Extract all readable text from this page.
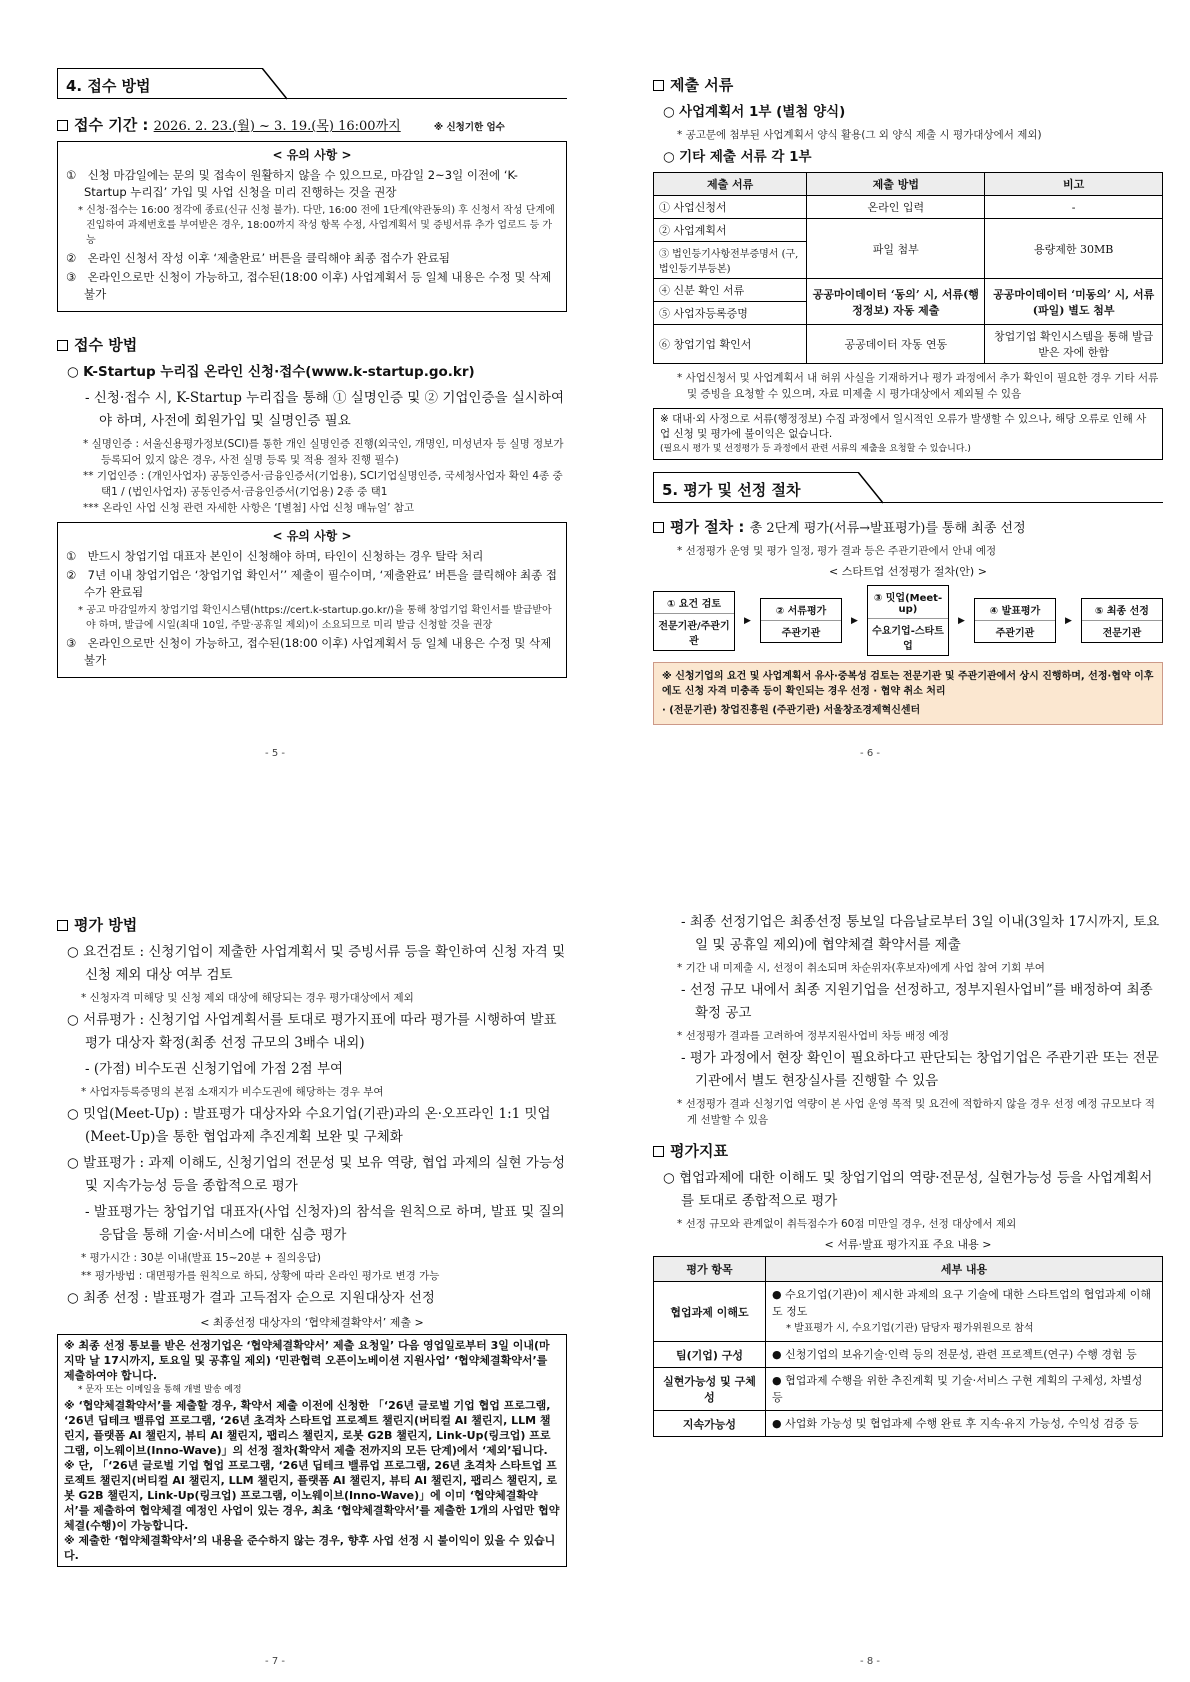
4. 접수 방법
접수 기간 : 2026. 2. 23.(월) ~ 3. 19.(목) 16:00까지	※ 신청기한 엄수
< 유의 사항 >
① 신청 마감일에는 문의 및 접속이 원활하지 않을 수 있으므로, 마감일 2~3일 이전에 ‘K-Startup 누리집’ 가입 및 사업 신청을 미리 진행하는 것을 권장
* 신청·접수는 16:00 정각에 종료(신규 신청 불가). 다만, 16:00 전에 1단계(약관동의) 후 신청서 작성 단계에 진입하여 과제번호를 부여받은 경우, 18:00까지 작성 항목 수정, 사업계획서 및 증빙서류 추가 업로드 등 가능
② 온라인 신청서 작성 이후 ‘제출완료’ 버튼을 클릭해야 최종 접수가 완료됨
③ 온라인으로만 신청이 가능하고, 접수된(18:00 이후) 사업계획서 등 일체 내용은 수정 및 삭제 불가
접수 방법
○ K-Startup 누리집 온라인 신청·접수(www.k-startup.go.kr)
- 신청·접수 시, K-Startup 누리집을 통해 ① 실명인증 및 ② 기업인증을 실시하여야 하며, 사전에 회원가입 및 실명인증 필요
* 실명인증 : 서울신용평가정보(SCI)를 통한 개인 실명인증 진행(외국인, 개명인, 미성년자 등 실명 정보가 등록되어 있지 않은 경우, 사전 실명 등록 및 적용 절차 진행 필수)
** 기업인증 : (개인사업자) 공동인증서·금융인증서(기업용), SCI기업실명인증, 국세청사업자 확인 4종 중 택1 / (법인사업자) 공동인증서·금융인증서(기업용) 2종 중 택1
*** 온라인 사업 신청 관련 자세한 사항은 ‘[별첨] 사업 신청 매뉴얼’ 참고
< 유의 사항 >
① 반드시 창업기업 대표자 본인이 신청해야 하며, 타인이 신청하는 경우 탈락 처리
② 7년 이내 창업기업은 ‘창업기업 확인서’’ 제출이 필수이며, ‘제출완료’ 버튼을 클릭해야 최종 접수가 완료됨
* 공고 마감일까지 창업기업 확인시스템(https://cert.k-startup.go.kr/)을 통해 창업기업 확인서를 발급받아야 하며, 발급에 시일(최대 10일, 주말·공휴일 제외)이 소요되므로 미리 발급 신청할 것을 권장
③ 온라인으로만 신청이 가능하고, 접수된(18:00 이후) 사업계획서 등 일체 내용은 수정 및 삭제 불가
- 5 -
제출 서류
○ 사업계획서 1부 (별첨 양식)
* 공고문에 첨부된 사업계획서 양식 활용(그 외 양식 제출 시 평가대상에서 제외)
○ 기타 제출 서류 각 1부
제출 서류	제출 방법	비고
① 사업신청서	온라인 입력	-
② 사업계획서	파일 첨부	용량제한 30MB
③ 법인등기사항전부증명서 (구, 법인등기부등본)		
④ 신분 확인 서류	공공마이데이터 ‘동의’ 시, 서류(행정정보) 자동 제출	공공마이데이터 ‘미동의’ 시, 서류(파일) 별도 첨부
⑤ 사업자등록증명		
⑥ 창업기업 확인서	공공데이터 자동 연동	창업기업 확인시스템을 통해 발급받은 자에 한함
* 사업신청서 및 사업계획서 내 허위 사실을 기재하거나 평가 과정에서 추가 확인이 필요한 경우 기타 서류 및 증빙을 요청할 수 있으며, 자료 미제출 시 평가대상에서 제외될 수 있음
※ 대내·외 사정으로 서류(행정정보) 수집 과정에서 일시적인 오류가 발생할 수 있으나, 해당 오류로 인해 사업 신청 및 평가에 불이익은 없습니다.
(필요시 평가 및 선정평가 등 과정에서 관련 서류의 제출을 요청할 수 있습니다.)
5. 평가 및 선정 절차
평가 절차 : 총 2단계 평가(서류→발표평가)를 통해 최종 선정
* 선정평가 운영 및 평가 일정, 평가 결과 등은 주관기관에서 안내 예정
< 스타트업 선정평가 절차(안) >
① 요건 검토
전문기관/주관기관
▶
② 서류평가
주관기관
▶
③ 밋업(Meet-up)
수요기업-스타트업
▶
④ 발표평가
주관기관
▶
⑤ 최종 선정
전문기관
※ 신청기업의 요건 및 사업계획서 유사·중복성 검토는 전문기관 및 주관기관에서 상시 진행하며, 선정·협약 이후에도 신청 자격 미충족 등이 확인되는 경우 선정 · 협약 취소 처리
· (전문기관) 창업진흥원 (주관기관) 서울창조경제혁신센터
- 6 -
평가 방법
○ 요건검토 : 신청기업이 제출한 사업계획서 및 증빙서류 등을 확인하여 신청 자격 및 신청 제외 대상 여부 검토
* 신청자격 미해당 및 신청 제외 대상에 해당되는 경우 평가대상에서 제외
○ 서류평가 : 신청기업 사업계획서를 토대로 평가지표에 따라 평가를 시행하여 발표평가 대상자 확정(최종 선정 규모의 3배수 내외)
- (가점) 비수도권 신청기업에 가점 2점 부여
* 사업자등록증명의 본점 소재지가 비수도권에 해당하는 경우 부여
○ 밋업(Meet-Up) : 발표평가 대상자와 수요기업(기관)과의 온·오프라인 1:1 밋업(Meet-Up)을 통한 협업과제 추진계획 보완 및 구체화
○ 발표평가 : 과제 이해도, 신청기업의 전문성 및 보유 역량, 협업 과제의 실현 가능성 및 지속가능성 등을 종합적으로 평가
- 발표평가는 창업기업 대표자(사업 신청자)의 참석을 원칙으로 하며, 발표 및 질의응답을 통해 기술·서비스에 대한 심층 평가
* 평가시간 : 30분 이내(발표 15~20분 + 질의응답)
** 평가방법 : 대면평가를 원칙으로 하되, 상황에 따라 온라인 평가로 변경 가능
○ 최종 선정 : 발표평가 결과 고득점자 순으로 지원대상자 선정
< 최종선정 대상자의 ‘협약체결확약서’ 제출 >
※ 최종 선정 통보를 받은 선정기업은 ‘협약체결확약서’ 제출 요청일’ 다음 영업일로부터 3일 이내(마지막 날 17시까지, 토요일 및 공휴일 제외) ‘민관협력 오픈이노베이션 지원사업’ ‘협약체결확약서’를 제출하여야 합니다.
* 문자 또는 이메일을 통해 개별 발송 예정
※ ‘협약체결확약서’를 제출할 경우, 확약서 제출 이전에 신청한 「‘26년 글로벌 기업 협업 프로그램, ‘26년 딥테크 밸류업 프로그램, ‘26년 초격차 스타트업 프로젝트 챌린지(버티컬 AI 챌린지, LLM 챌린지, 플랫폼 AI 챌린지, 뷰티 AI 챌린지, 팹리스 챌린지, 로봇 G2B 챌린지, Link-Up(링크업) 프로그램, 이노웨이브(Inno-Wave)」의 선정 절차(확약서 제출 전까지의 모든 단계)에서 ‘제외’됩니다.
※ 단, 「‘26년 글로벌 기업 협업 프로그램, ‘26년 딥테크 밸류업 프로그램, 26년 초격차 스타트업 프로젝트 챌린지(버티컬 AI 챌린지, LLM 챌린지, 플랫폼 AI 챌린지, 뷰티 AI 챌린지, 팹리스 챌린지, 로봇 G2B 챌린지, Link-Up(링크업) 프로그램, 이노웨이브(Inno-Wave)」에 이미 ‘협약체결확약서’를 제출하여 협약체결 예정인 사업이 있는 경우, 최초 ‘협약체결확약서’를 제출한 1개의 사업만 협약체결(수행)이 가능합니다.
※ 제출한 ‘협약체결확약서’의 내용을 준수하지 않는 경우, 향후 사업 선정 시 불이익이 있을 수 있습니다.
- 7 -
- 최종 선정기업은 최종선정 통보일 다음날로부터 3일 이내(3일차 17시까지, 토요일 및 공휴일 제외)에 협약체결 확약서를 제출
* 기간 내 미제출 시, 선정이 취소되며 차순위자(후보자)에게 사업 참여 기회 부여
- 선정 규모 내에서 최종 지원기업을 선정하고, 정부지원사업비”를 배정하여 최종 확정 공고
* 선정평가 결과를 고려하여 정부지원사업비 차등 배정 예정
- 평가 과정에서 현장 확인이 필요하다고 판단되는 창업기업은 주관기관 또는 전문기관에서 별도 현장실사를 진행할 수 있음
* 선정평가 결과 신청기업 역량이 본 사업 운영 목적 및 요건에 적합하지 않을 경우 선정 예정 규모보다 적게 선발할 수 있음
평가지표
○ 협업과제에 대한 이해도 및 창업기업의 역량·전문성, 실현가능성 등을 사업계획서를 토대로 종합적으로 평가
* 선정 규모와 관계없이 취득점수가 60점 미만일 경우, 선정 대상에서 제외
< 서류·발표 평가지표 주요 내용 >
평가 항목	세부 내용
협업과제 이해도	● 수요기업(기관)이 제시한 과제의 요구 기술에 대한 스타트업의 협업과제 이해도 정도
* 발표평가 시, 수요기업(기관) 담당자 평가위원으로 참석

팀(기업) 구성	● 신청기업의 보유기술·인력 등의 전문성, 관련 프로젝트(연구) 수행 경험 등

실현가능성 및 구체성	● 협업과제 수행을 위한 추진계획 및 기술·서비스 구현 계획의 구체성, 차별성 등

지속가능성	● 사업화 가능성 및 협업과제 수행 완료 후 지속·유지 가능성, 수익성 검증 등
- 8 -
